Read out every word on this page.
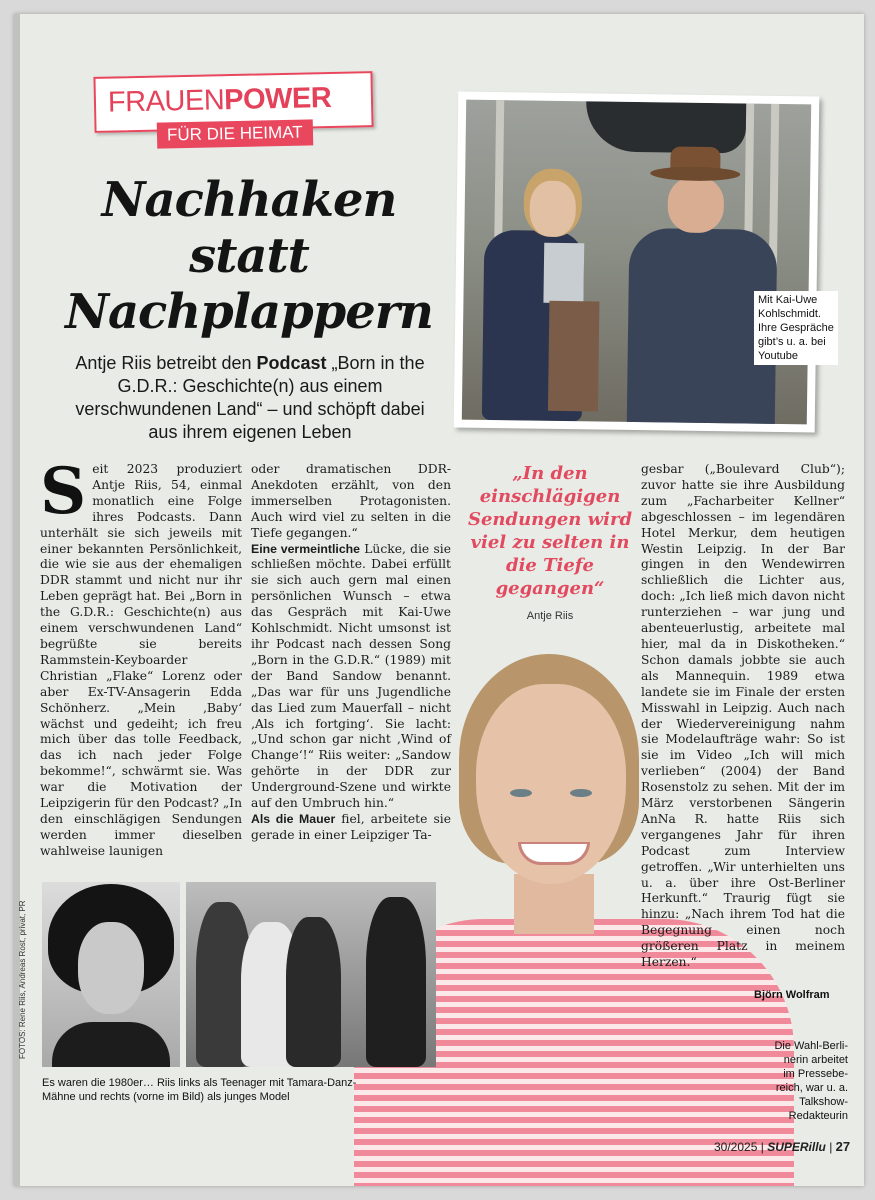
FRAUENPOWER
FÜR DIE HEIMAT
Nachhaken
statt
Nachplappern
Antje Riis betreibt den Podcast „Born in the G.D.R.: Geschichte(n) aus einem verschwundenen Land“ – und schöpft dabei aus ihrem eigenen Leben
Mit Kai-Uwe
Kohlschmidt.
Ihre Gespräche
gibt’s u. a. bei
Youtube
Seit 2023 produziert Antje Riis, 54, einmal monatlich eine Folge ihres Podcasts. Dann unterhält sie sich jeweils mit einer bekannten Persönlichkeit, die wie sie aus der ehemaligen DDR stammt und nicht nur ihr Leben geprägt hat. Bei „Born in the G.D.R.: Geschichte(n) aus einem verschwundenen Land“ begrüßte sie bereits Rammstein-Keyboarder Christian „Flake“ Lorenz oder aber Ex-TV-Ansagerin Edda Schönherz. „Mein ‚Baby‘ wächst und gedeiht; ich freu mich über das tolle Feedback, das ich nach jeder Folge bekomme!“, schwärmt sie. Was war die Motivation der Leipzigerin für den Podcast? „In den einschlägigen Sendungen werden immer dieselben wahlweise launigen
oder dramatischen DDR-Anekdoten erzählt, von den immerselben Protagonisten. Auch wird viel zu selten in die Tiefe gegangen.“
Eine vermeintliche Lücke, die sie schließen möchte. Dabei erfüllt sie sich auch gern mal einen persönlichen Wunsch – etwa das Gespräch mit Kai-Uwe Kohlschmidt. Nicht umsonst ist ihr Podcast nach dessen Song „Born in the G.D.R.“ (1989) mit der Band Sandow benannt. „Das war für uns Jugendliche das Lied zum Mauerfall – nicht ‚Als ich fortging‘. Sie lacht: „Und schon gar nicht ‚Wind of Change‘!“ Riis weiter: „Sandow gehörte in der DDR zur Underground-Szene und wirkte auf den Umbruch hin.“
Als die Mauer fiel, arbeitete sie gerade in einer Leipziger Ta-
„In den einschlägigen Sendungen wird viel zu selten in die Tiefe gegangen“
Antje Riis
gesbar („Boulevard Club“); zuvor hatte sie ihre Ausbildung zum „Facharbeiter Kellner“ abgeschlossen – im legendären Hotel Merkur, dem heutigen Westin Leipzig. In der Bar gingen in den Wendewirren schließlich die Lichter aus, doch: „Ich ließ mich davon nicht runterziehen – war jung und abenteuerlustig, arbeitete mal hier, mal da in Diskotheken.“ Schon damals jobbte sie auch als Mannequin. 1989 etwa landete sie im Finale der ersten Misswahl in Leipzig. Auch nach der Wiedervereinigung nahm sie Modelaufträge wahr: So ist sie im Video „Ich will mich verlieben“ (2004) der Band Rosenstolz zu sehen. Mit der im März verstorbenen Sängerin AnNa R. hatte Riis sich vergangenes Jahr für ihren Podcast zum Interview getroffen. „Wir unterhielten uns u. a. über ihre Ost-Berliner Herkunft.“ Traurig fügt sie hinzu: „Nach ihrem Tod hat die Begegnung einen noch größeren Platz in meinem Herzen.“
Björn Wolfram
Die Wahl-Berli-
nerin arbeitet
im Pressebe-
reich, war u. a.
Talkshow-
Redakteurin
FOTOS: Rene Riis, Andreas Rost, privat, PR
Es waren die 1980er… Riis links als Teenager mit Tamara-Danz-Mähne und rechts (vorne im Bild) als junges Model
30/2025 | SUPERillu | 27
